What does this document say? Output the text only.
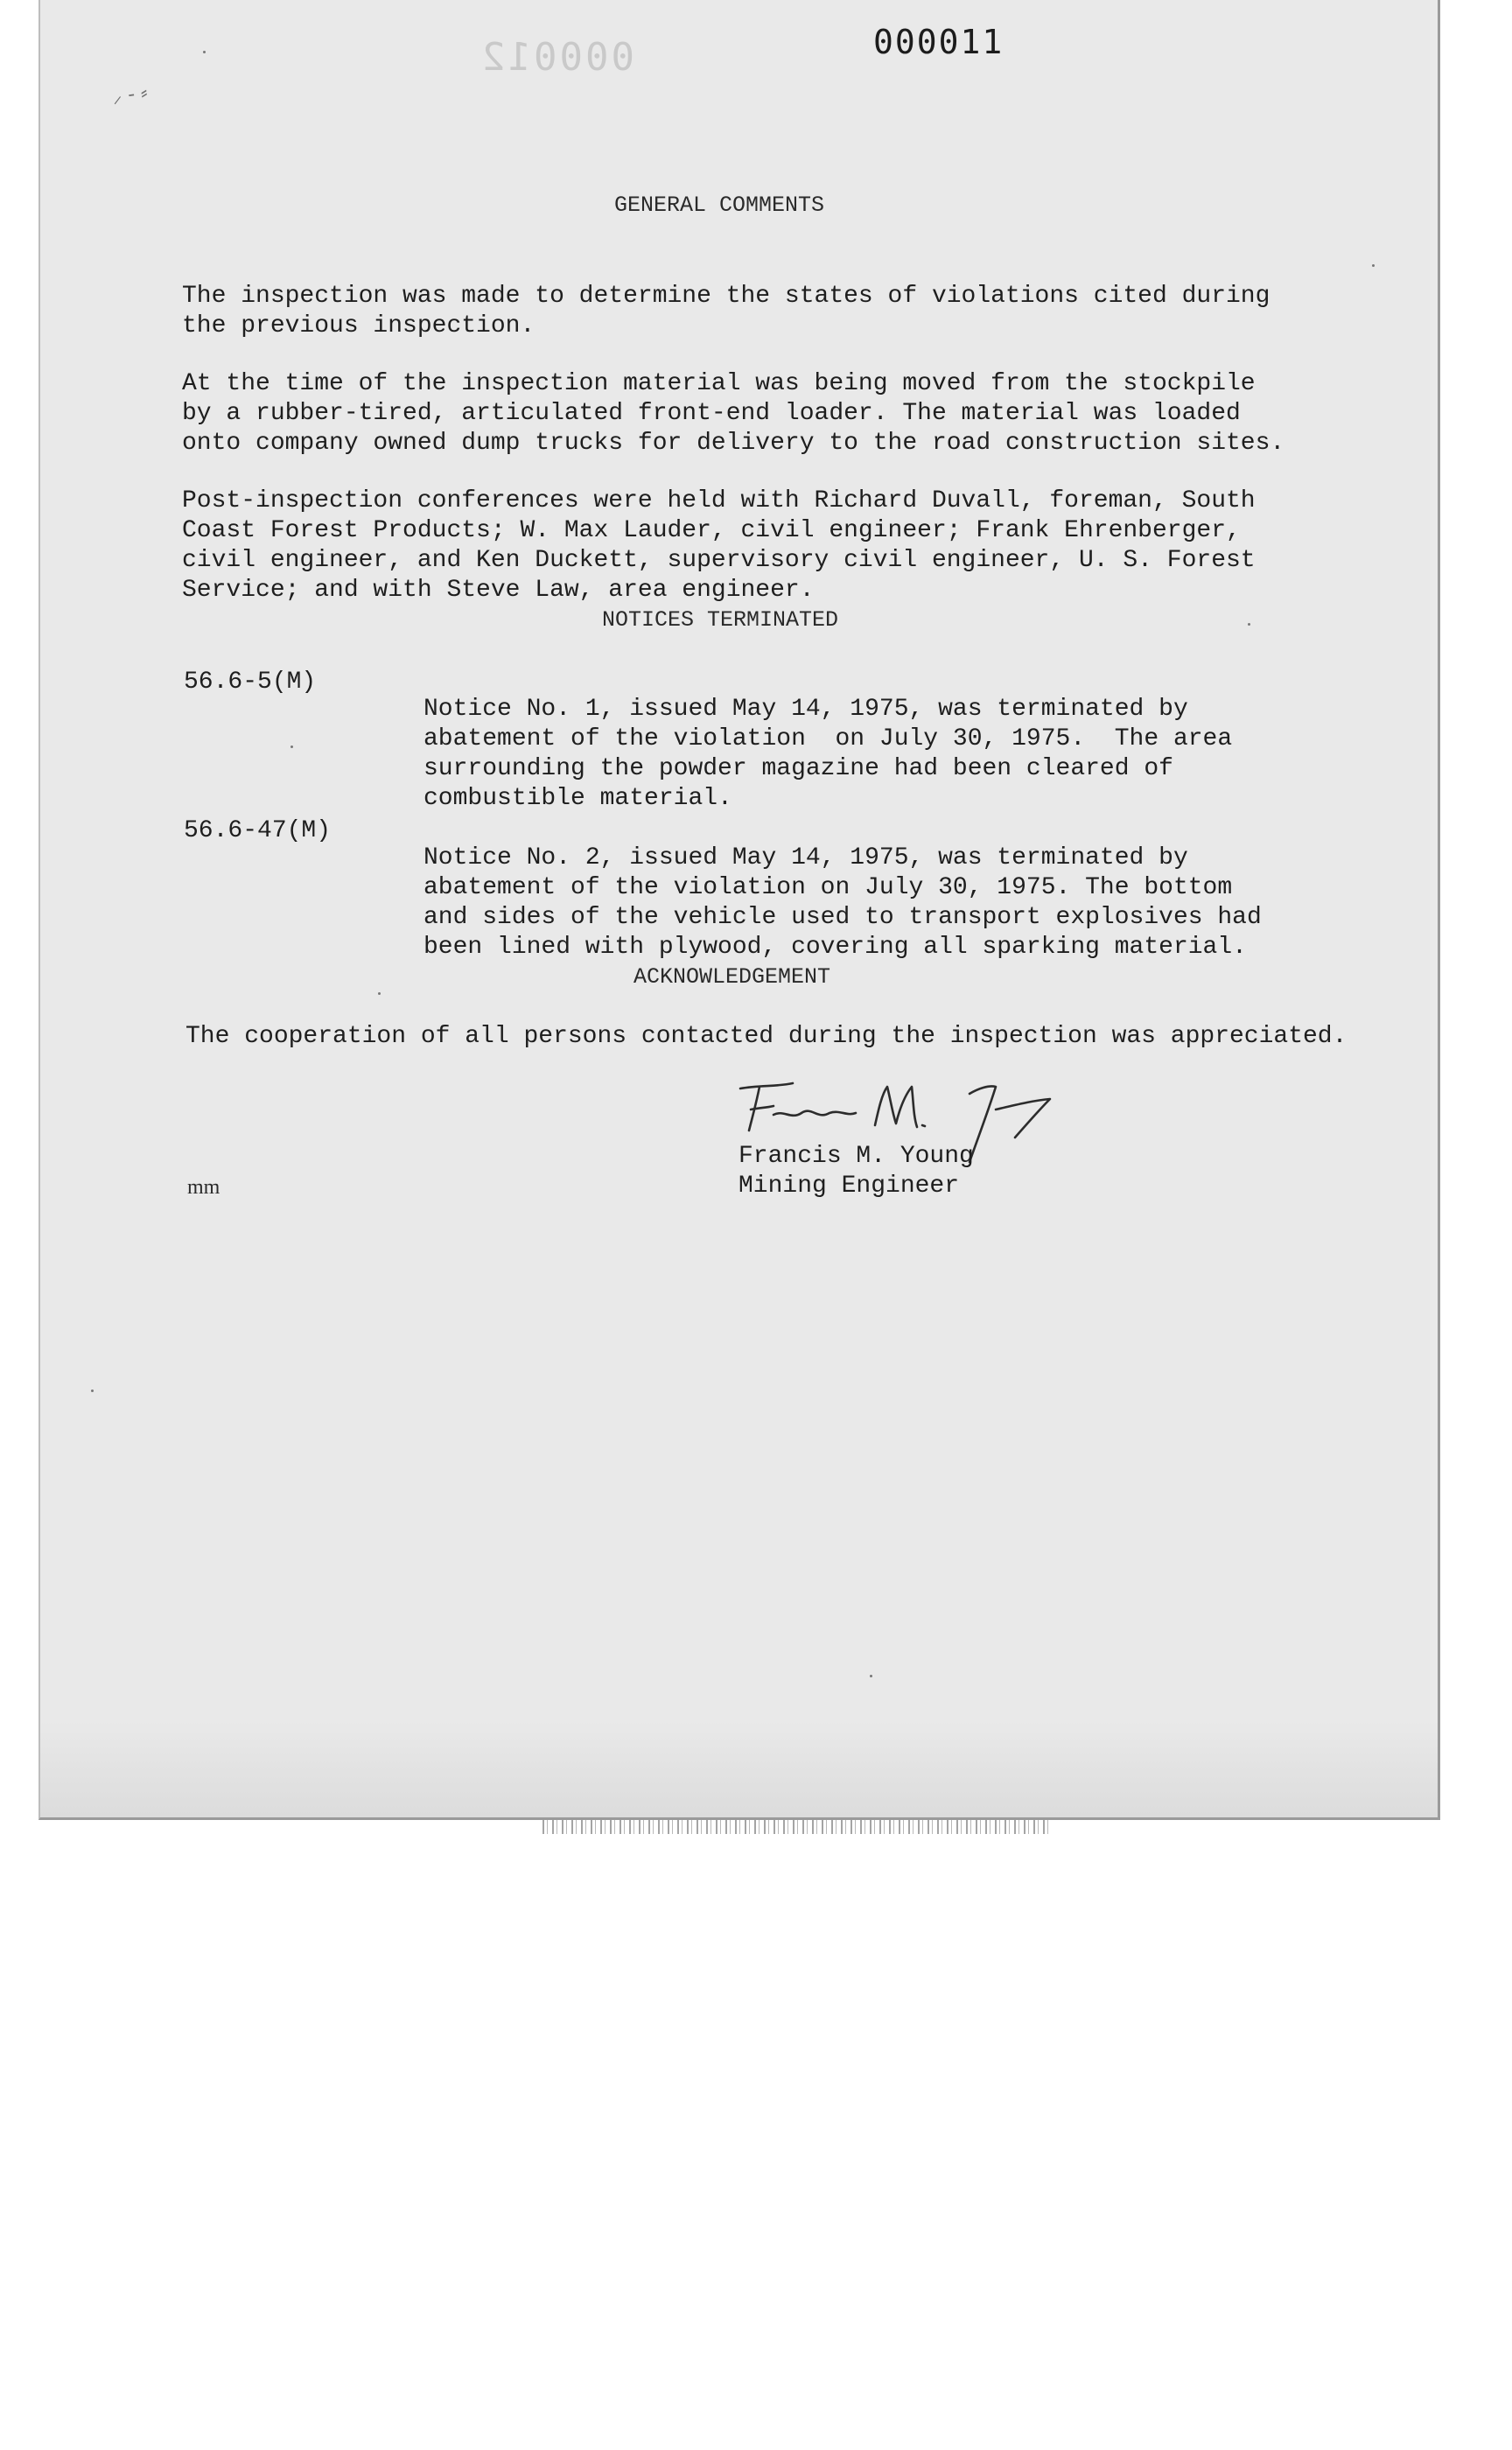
000012	000011
⸝ - ⸗
GENERAL COMMENTS

The inspection was made to determine the states of violations cited during
the previous inspection.

At the time of the inspection material was being moved from the stockpile
by a rubber-tired, articulated front-end loader. The material was loaded
onto company owned dump trucks for delivery to the road construction sites.

Post-inspection conferences were held with Richard Duvall, foreman, South
Coast Forest Products; W. Max Lauder, civil engineer; Frank Ehrenberger,
civil engineer, and Ken Duckett, supervisory civil engineer, U. S. Forest
Service; and with Steve Law, area engineer.

NOTICES TERMINATED
56.6-5(M)

Notice No. 1, issued May 14, 1975, was terminated by
abatement of the violation  on July 30, 1975.  The area
surrounding the powder magazine had been cleared of
combustible material.

56.6-47(M)

Notice No. 2, issued May 14, 1975, was terminated by
abatement of the violation on July 30, 1975. The bottom
and sides of the vehicle used to transport explosives had
been lined with plywood, covering all sparking material.

ACKNOWLEDGEMENT

The cooperation of all persons contacted during the inspection was appreciated.

Frmi M. Yng
Francis M. Young
Mining Engineer
mm
